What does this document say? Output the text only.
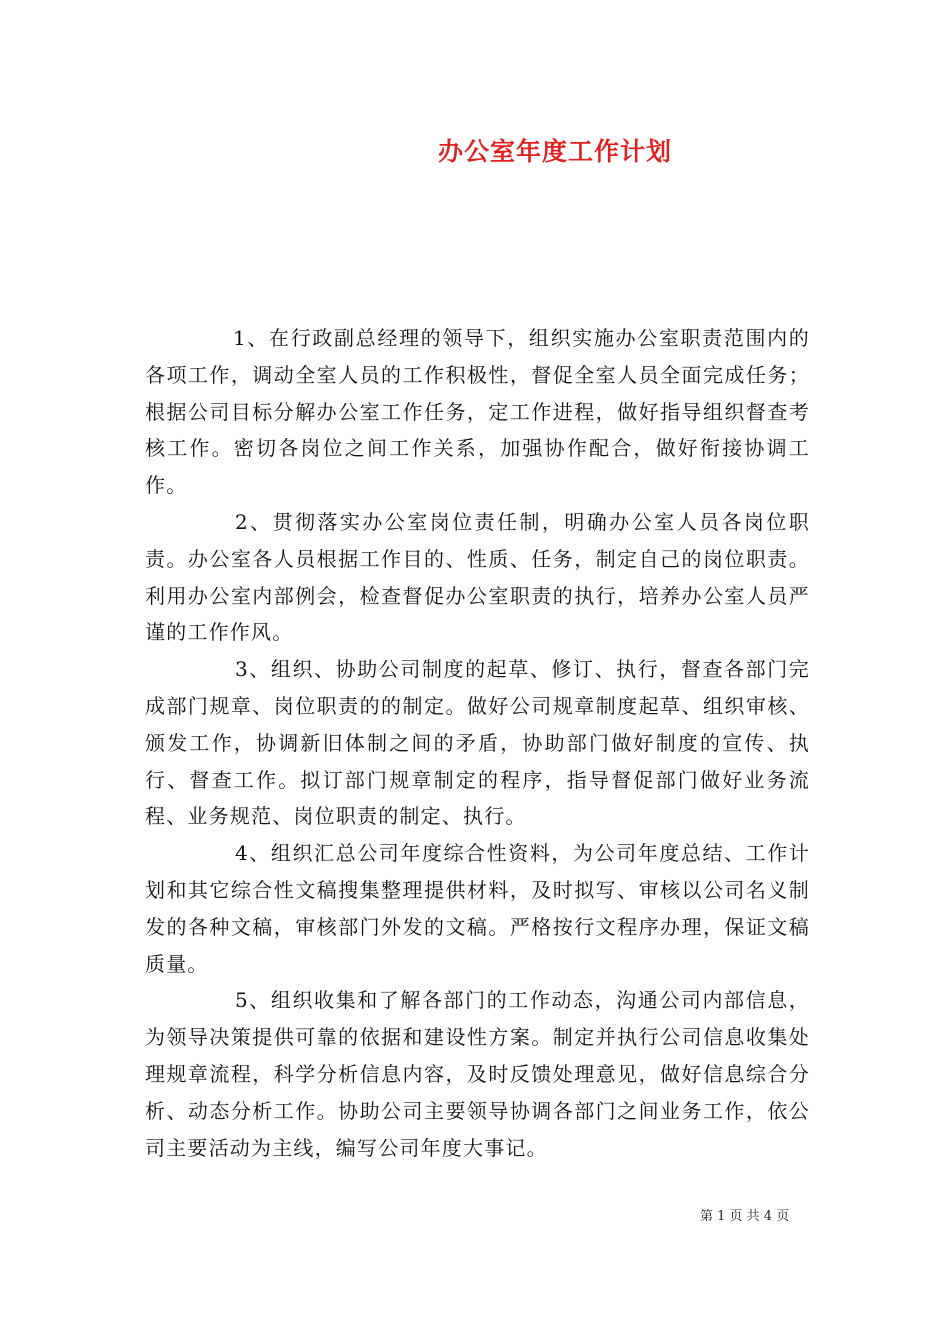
办公室年度工作计划

1、在行政副总经理的领导下，组织实施办公室职责范围内的各项工作，调动全室人员的工作积极性，督促全室人员全面完成任务；根据公司目标分解办公室工作任务，定工作进程，做好指导组织督查考核工作。密切各岗位之间工作关系，加强协作配合，做好衔接协调工作。

2、贯彻落实办公室岗位责任制，明确办公室人员各岗位职责。办公室各人员根据工作目的、性质、任务，制定自己的岗位职责。利用办公室内部例会，检查督促办公室职责的执行，培养办公室人员严谨的工作作风。

3、组织、协助公司制度的起草、修订、执行，督查各部门完成部门规章、岗位职责的的制定。做好公司规章制度起草、组织审核、颁发工作，协调新旧体制之间的矛盾，协助部门做好制度的宣传、执行、督查工作。拟订部门规章制定的程序，指导督促部门做好业务流程、业务规范、岗位职责的制定、执行。

4、组织汇总公司年度综合性资料，为公司年度总结、工作计划和其它综合性文稿搜集整理提供材料，及时拟写、审核以公司名义制发的各种文稿，审核部门外发的文稿。严格按行文程序办理，保证文稿质量。

5、组织收集和了解各部门的工作动态，沟通公司内部信息，为领导决策提供可靠的依据和建设性方案。制定并执行公司信息收集处理规章流程，科学分析信息内容，及时反馈处理意见，做好信息综合分析、动态分析工作。协助公司主要领导协调各部门之间业务工作，依公司主要活动为主线，编写公司年度大事记。

第 1 页 共 4 页
